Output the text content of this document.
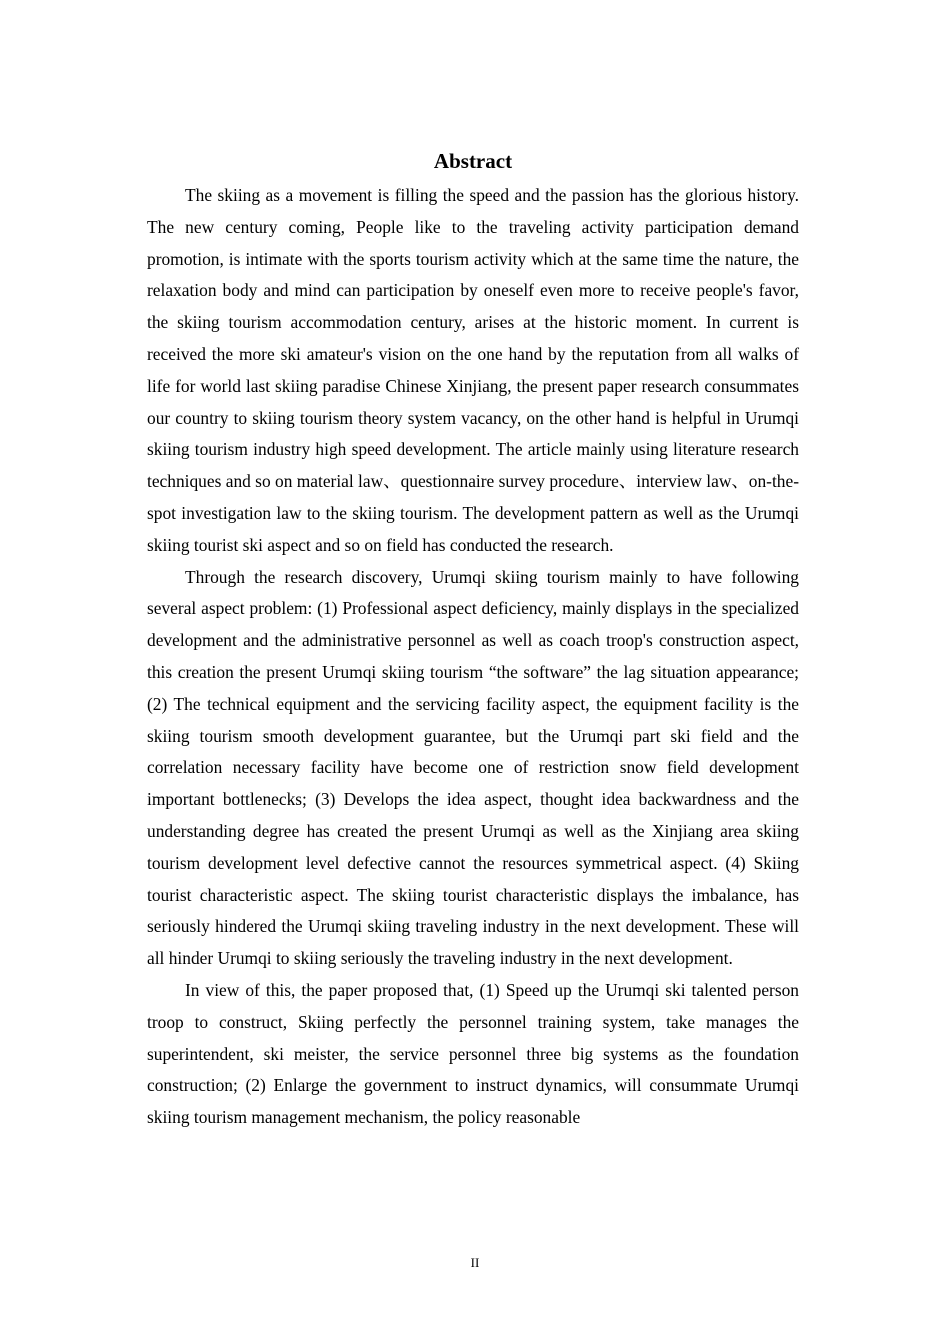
Abstract

The skiing as a movement is filling the speed and the passion has the glorious history. The new century coming, People like to the traveling activity participation demand promotion, is intimate with the sports tourism activity which at the same time the nature, the relaxation body and mind can participation by oneself even more to receive people's favor, the skiing tourism accommodation century, arises at the historic moment. In current is received the more ski amateur's vision on the one hand by the reputation from all walks of life for world last skiing paradise Chinese Xinjiang, the present paper research consummates our country to skiing tourism theory system vacancy, on the other hand is helpful in Urumqi skiing tourism industry high speed development. The article mainly using literature research techniques and so on material law、questionnaire survey procedure、interview law、on-the-spot investigation law to the skiing tourism. The development pattern as well as the Urumqi skiing tourist ski aspect and so on field has conducted the research.

Through the research discovery, Urumqi skiing tourism mainly to have following several aspect problem: (1) Professional aspect deficiency, mainly displays in the specialized development and the administrative personnel as well as coach troop's construction aspect, this creation the present Urumqi skiing tourism “the software” the lag situation appearance; (2) The technical equipment and the servicing facility aspect, the equipment facility is the skiing tourism smooth development guarantee, but the Urumqi part ski field and the correlation necessary facility have become one of restriction snow field development important bottlenecks; (3) Develops the idea aspect, thought idea backwardness and the understanding degree has created the present Urumqi as well as the Xinjiang area skiing tourism development level defective cannot the resources symmetrical aspect. (4) Skiing tourist characteristic aspect. The skiing tourist characteristic displays the imbalance, has seriously hindered the Urumqi skiing traveling industry in the next development. These will all hinder Urumqi to skiing seriously the traveling industry in the next development.

In view of this, the paper proposed that, (1) Speed up the Urumqi ski talented person troop to construct, Skiing perfectly the personnel training system, take manages the superintendent, ski meister, the service personnel three big systems as the foundation construction; (2) Enlarge the government to instruct dynamics, will consummate Urumqi skiing tourism management mechanism, the policy reasonable

II
